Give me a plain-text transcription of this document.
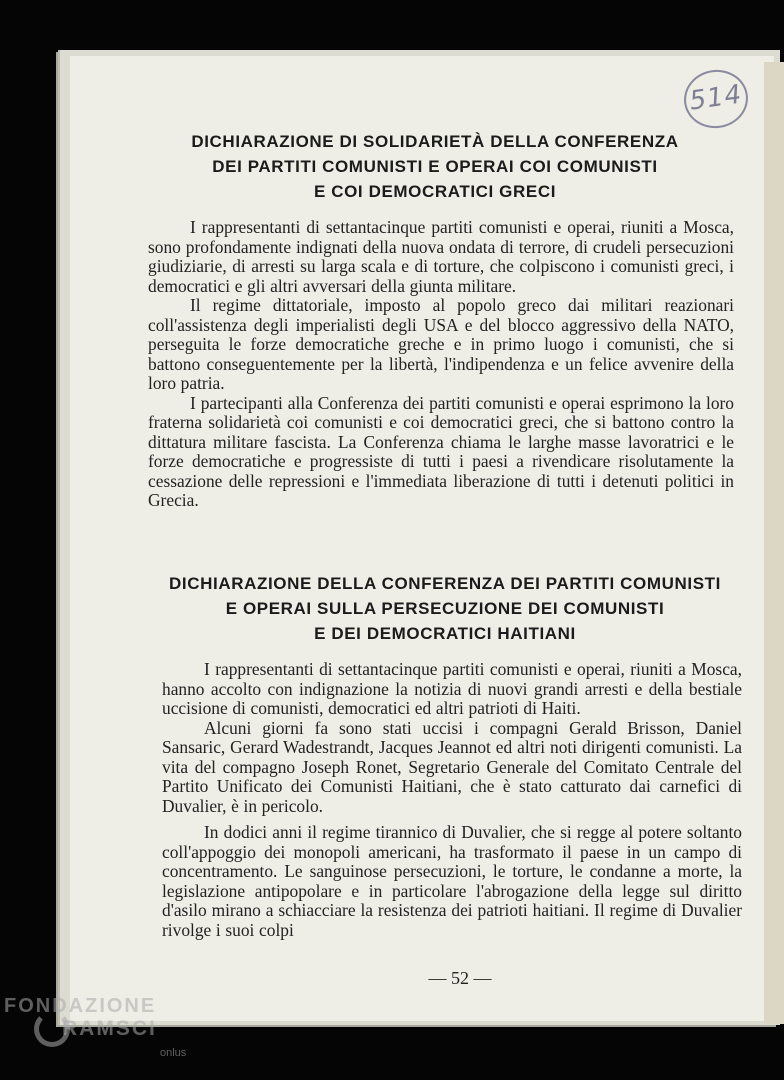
514
DICHIARAZIONE DI SOLIDARIETÀ DELLA CONFERENZA
DEI PARTITI COMUNISTI E OPERAI COI COMUNISTI
E COI DEMOCRATICI GRECI

I rappresentanti di settantacinque partiti comunisti e operai, riuniti a Mosca, sono profondamente indignati della nuova ondata di terrore, di crudeli persecuzioni giudiziarie, di arresti su larga scala e di torture, che colpiscono i comunisti greci, i democratici e gli altri avversari della giunta militare.

Il regime dittatoriale, imposto al popolo greco dai militari reazionari coll'assistenza degli imperialisti degli USA e del blocco aggressivo della NATO, perseguita le forze democratiche greche e in primo luogo i comunisti, che si battono conseguentemente per la libertà, l'indipendenza e un felice avvenire della loro patria.

I partecipanti alla Conferenza dei partiti comunisti e operai esprimono la loro fraterna solidarietà coi comunisti e coi democratici greci, che si battono contro la dittatura militare fascista. La Conferenza chiama le larghe masse lavoratrici e le forze democratiche e progressiste di tutti i paesi a rivendicare risolutamente la cessazione delle repressioni e l'immediata liberazione di tutti i detenuti politici in Grecia.

DICHIARAZIONE DELLA CONFERENZA DEI PARTITI COMUNISTI
E OPERAI SULLA PERSECUZIONE DEI COMUNISTI
E DEI DEMOCRATICI HAITIANI

I rappresentanti di settantacinque partiti comunisti e operai, riuniti a Mosca, hanno accolto con indignazione la notizia di nuovi grandi arresti e della bestiale uccisione di comunisti, democratici ed altri patrioti di Haiti.

Alcuni giorni fa sono stati uccisi i compagni Gerald Brisson, Daniel Sansaric, Gerard Wadestrandt, Jacques Jeannot ed altri noti dirigenti comunisti. La vita del compagno Joseph Ronet, Segretario Generale del Comitato Centrale del Partito Unificato dei Comunisti Haitiani, che è stato catturato dai carnefici di Duvalier, è in pericolo.

In dodici anni il regime tirannico di Duvalier, che si regge al potere soltanto coll'appoggio dei monopoli americani, ha trasformato il paese in un campo di concentramento. Le sanguinose persecuzioni, le torture, le condanne a morte, la legislazione antipopolare e in particolare l'abrogazione della legge sul diritto d'asilo mirano a schiacciare la resistenza dei patrioti haitiani. Il regime di Duvalier rivolge i suoi colpi

— 52 —
FONDAZIONE
RAMSCI
onlus
